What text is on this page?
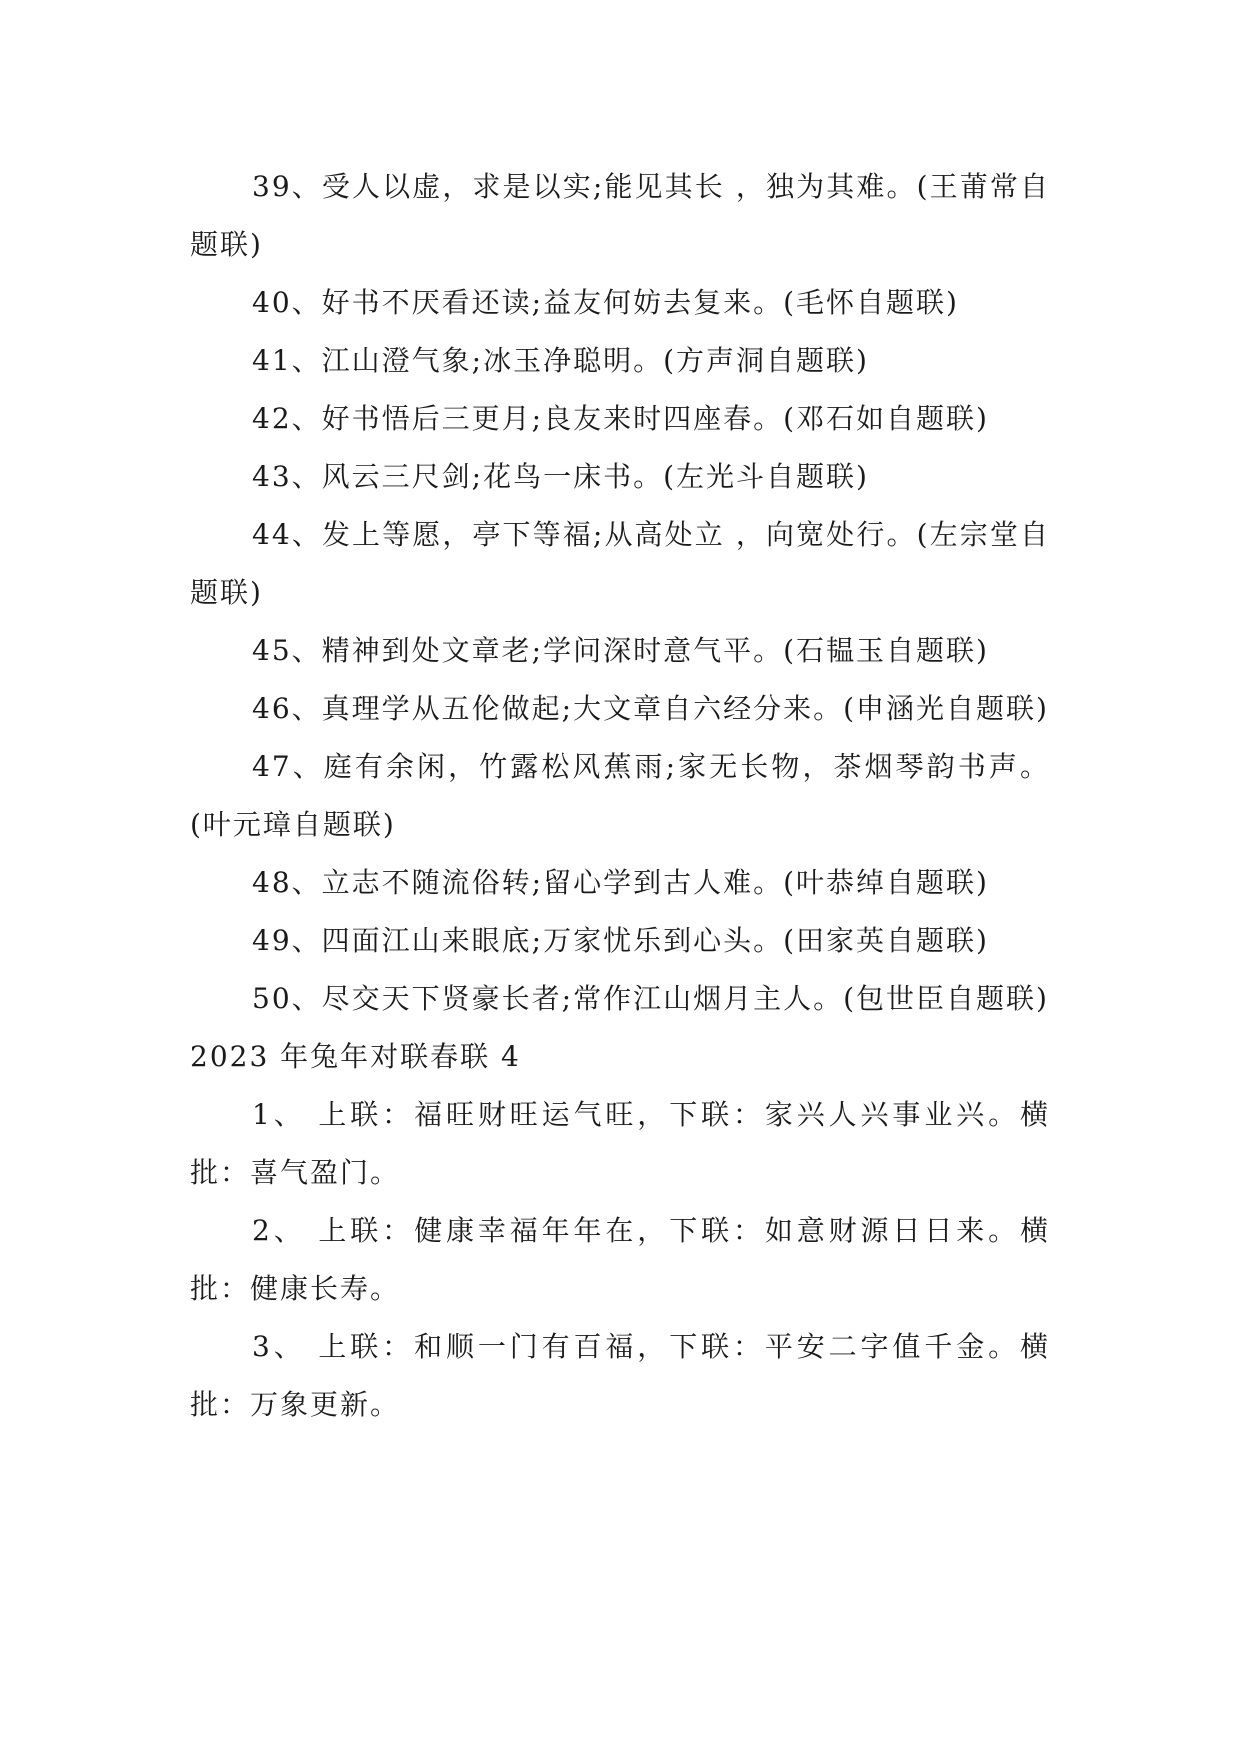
39、受人以虚，求是以实;能见其长 ，独为其难。(王莆常自题联)

40、好书不厌看还读;益友何妨去复来。(毛怀自题联)

41、江山澄气象;冰玉净聪明。(方声洞自题联)

42、好书悟后三更月;良友来时四座春。(邓石如自题联)

43、风云三尺剑;花鸟一床书。(左光斗自题联)

44、发上等愿，亭下等福;从高处立 ，向宽处行。(左宗堂自题联)

45、精神到处文章老;学问深时意气平。(石韫玉自题联)

46、真理学从五伦做起;大文章自六经分来。(申涵光自题联)

47、庭有余闲，竹露松风蕉雨;家无长物，茶烟琴韵书声。(叶元璋自题联)

48、立志不随流俗转;留心学到古人难。(叶恭绰自题联)

49、四面江山来眼底;万家忧乐到心头。(田家英自题联)

50、尽交天下贤豪长者;常作江山烟月主人。(包世臣自题联)

2023 年兔年对联春联 4

1、 上联：福旺财旺运气旺，下联：家兴人兴事业兴。横批：喜气盈门。

2、 上联：健康幸福年年在，下联：如意财源日日来。横批：健康长寿。

3、 上联：和顺一门有百福，下联：平安二字值千金。横批：万象更新。
